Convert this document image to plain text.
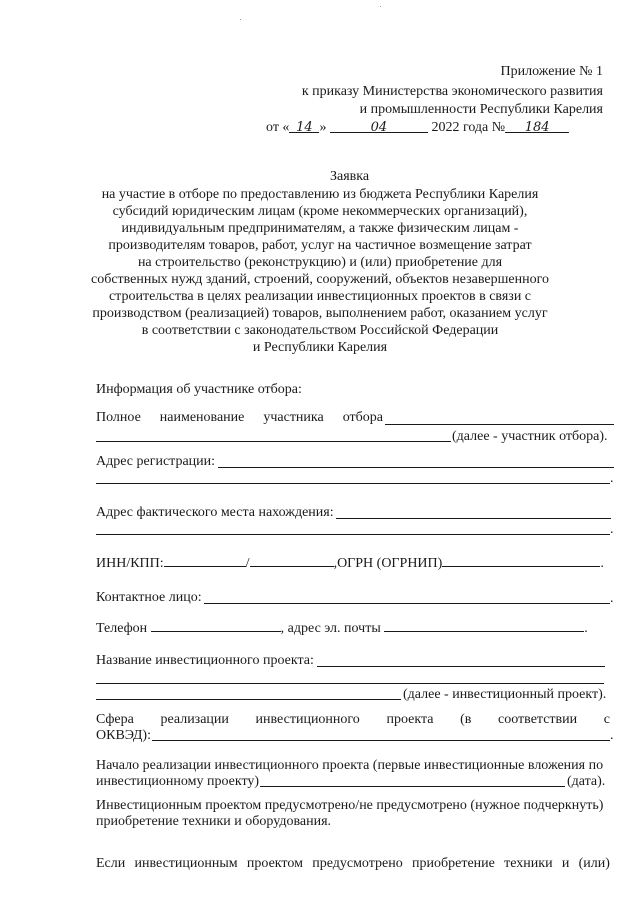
Приложение № 1
к приказу Министерства экономического развития
и промышленности Республики Карелия
от « 14 »	04	2022 года № 184
Заявка
на участие в отборе по предоставлению из бюджета Республики Карелия
субсидий юридическим лицам (кроме некоммерческих организаций),
индивидуальным предпринимателям, а также физическим лицам -
производителям товаров, работ, услуг на частичное возмещение затрат
на строительство (реконструкцию) и (или) приобретение для
собственных нужд зданий, строений, сооружений, объектов незавершенного
строительства в целях реализации инвестиционных проектов в связи с
производством (реализацией) товаров, выполнением работ, оказанием услуг
в соответствии с законодательством Российской Федерации
и Республики Карелия
Информация об участнике отбора:
Полное наименование участника отбора
(далее - участник отбора).
Адрес регистрации:
.
Адрес фактического места нахождения:
.
ИНН/КПП:	/	,ОГРН (ОГРНИП)	.
Контактное лицо:	.
Телефон	, адрес эл. почты	.
Название инвестиционного проекта:
(далее - инвестиционный проект).
Сфера реализации инвестиционного проекта (в соответствии с
ОКВЭД):	.
Начало реализации инвестиционного проекта (первые инвестиционные вложения по
инвестиционному проекту)	(дата).
Инвестиционным проектом предусмотрено/не предусмотрено (нужное подчеркнуть)
приобретение техники и оборудования.
Если инвестиционным проектом предусмотрено приобретение техники и (или)
